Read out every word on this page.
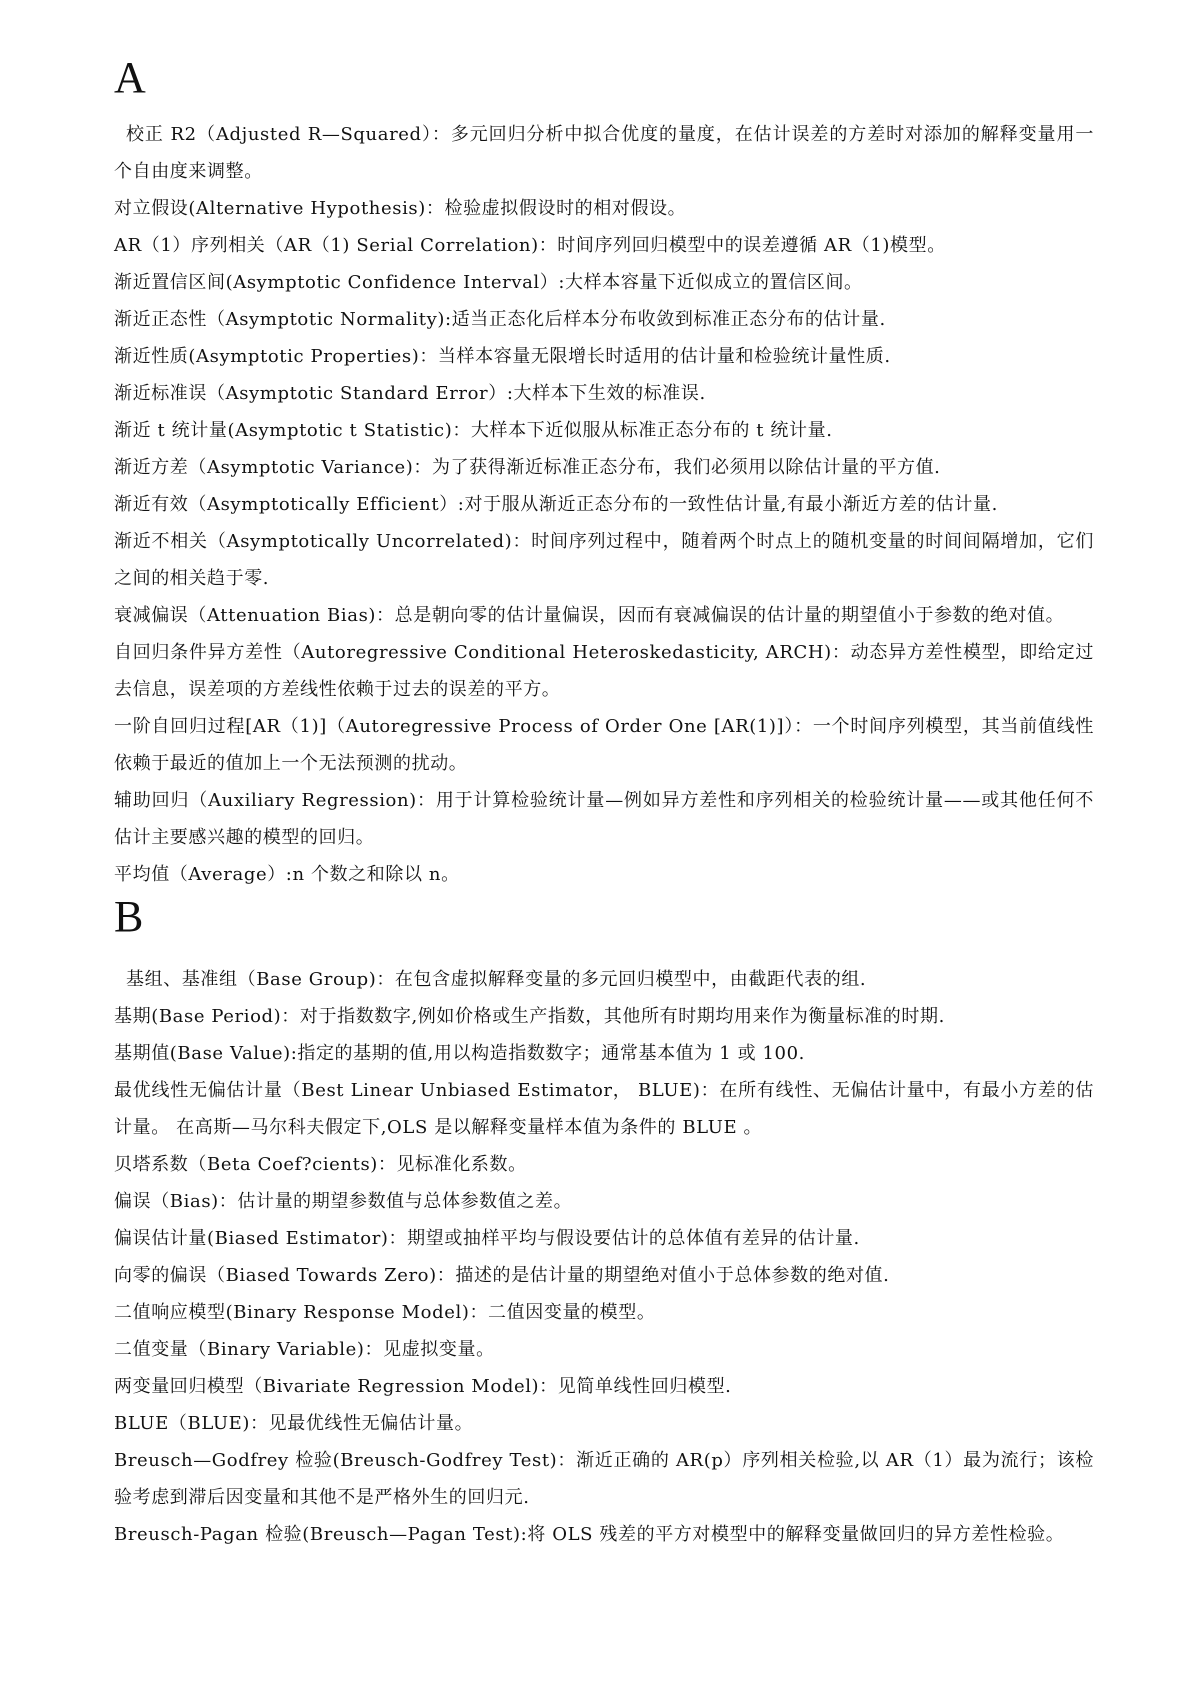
A

校正 R2（Adjusted R—Squared）：多元回归分析中拟合优度的量度，在估计误差的方差时对添加的解释变量用一个自由度来调整。

对立假设(Alternative Hypothesis)：检验虚拟假设时的相对假设。

AR（1）序列相关（AR（1) Serial Correlation)：时间序列回归模型中的误差遵循 AR（1)模型。

渐近置信区间(Asymptotic Confidence Interval）:大样本容量下近似成立的置信区间。

渐近正态性（Asymptotic Normality):适当正态化后样本分布收敛到标准正态分布的估计量.

渐近性质(Asymptotic Properties)：当样本容量无限增长时适用的估计量和检验统计量性质.

渐近标准误（Asymptotic Standard Error）:大样本下生效的标准误.

渐近 t 统计量(Asymptotic t Statistic)：大样本下近似服从标准正态分布的 t 统计量.

渐近方差（Asymptotic Variance)：为了获得渐近标准正态分布，我们必须用以除估计量的平方值.

渐近有效（Asymptotically Efficient）:对于服从渐近正态分布的一致性估计量,有最小渐近方差的估计量.

渐近不相关（Asymptotically Uncorrelated)：时间序列过程中，随着两个时点上的随机变量的时间间隔增加，它们之间的相关趋于零.

衰减偏误（Attenuation Bias)：总是朝向零的估计量偏误，因而有衰减偏误的估计量的期望值小于参数的绝对值。

自回归条件异方差性（Autoregressive Conditional Heteroskedasticity, ARCH)：动态异方差性模型，即给定过去信息，误差项的方差线性依赖于过去的误差的平方。

一阶自回归过程[AR（1)]（Autoregressive Process of Order One [AR(1)]）：一个时间序列模型，其当前值线性依赖于最近的值加上一个无法预测的扰动。

辅助回归（Auxiliary Regression)：用于计算检验统计量—例如异方差性和序列相关的检验统计量——或其他任何不估计主要感兴趣的模型的回归。

平均值（Average）:n 个数之和除以 n。

B

基组、基准组（Base Group)：在包含虚拟解释变量的多元回归模型中，由截距代表的组.

基期(Base Period)：对于指数数字,例如价格或生产指数，其他所有时期均用来作为衡量标准的时期.

基期值(Base Value):指定的基期的值,用以构造指数数字；通常基本值为 1 或 100.

最优线性无偏估计量（Best Linear Unbiased Estimator， BLUE)：在所有线性、无偏估计量中，有最小方差的估计量。 在高斯—马尔科夫假定下,OLS 是以解释变量样本值为条件的 BLUE 。

贝塔系数（Beta Coef?cients)：见标准化系数。

偏误（Bias)：估计量的期望参数值与总体参数值之差。

偏误估计量(Biased Estimator)：期望或抽样平均与假设要估计的总体值有差异的估计量.

向零的偏误（Biased Towards Zero)：描述的是估计量的期望绝对值小于总体参数的绝对值.

二值响应模型(Binary Response Model)：二值因变量的模型。

二值变量（Binary Variable)：见虚拟变量。

两变量回归模型（Bivariate Regression Model)：见简单线性回归模型.

BLUE（BLUE)：见最优线性无偏估计量。

Breusch—Godfrey 检验(Breusch-Godfrey Test)：渐近正确的 AR(p）序列相关检验,以 AR（1）最为流行；该检验考虑到滞后因变量和其他不是严格外生的回归元.

Breusch-Pagan 检验(Breusch—Pagan Test):将 OLS 残差的平方对模型中的解释变量做回归的异方差性检验。
